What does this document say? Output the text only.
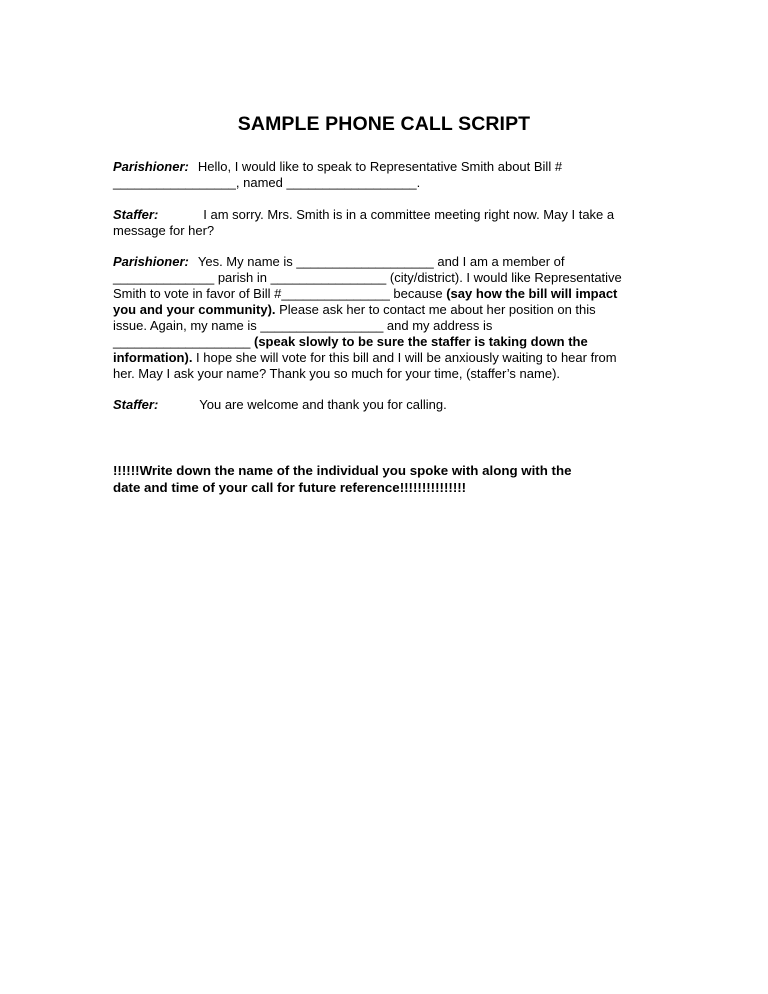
SAMPLE PHONE CALL SCRIPT
Parishioner: Hello, I would like to speak to Representative Smith about Bill #
_________________, named __________________.
Staffer:	I am sorry. Mrs. Smith is in a committee meeting right now. May I take a
message for her?
Parishioner: Yes. My name is ___________________ and I am a member of
______________ parish in ________________ (city/district). I would like Representative
Smith to vote in favor of Bill #_______________ because (say how the bill will impact
you and your community). Please ask her to contact me about her position on this
issue. Again, my name is _________________ and my address is
___________________ (speak slowly to be sure the staffer is taking down the
information). I hope she will vote for this bill and I will be anxiously waiting to hear from
her. May I ask your name? Thank you so much for your time, (staffer’s name).
Staffer:	You are welcome and thank you for calling.
!!!!!!Write down the name of the individual you spoke with along with the
date and time of your call for future reference!!!!!!!!!!!!!!!
